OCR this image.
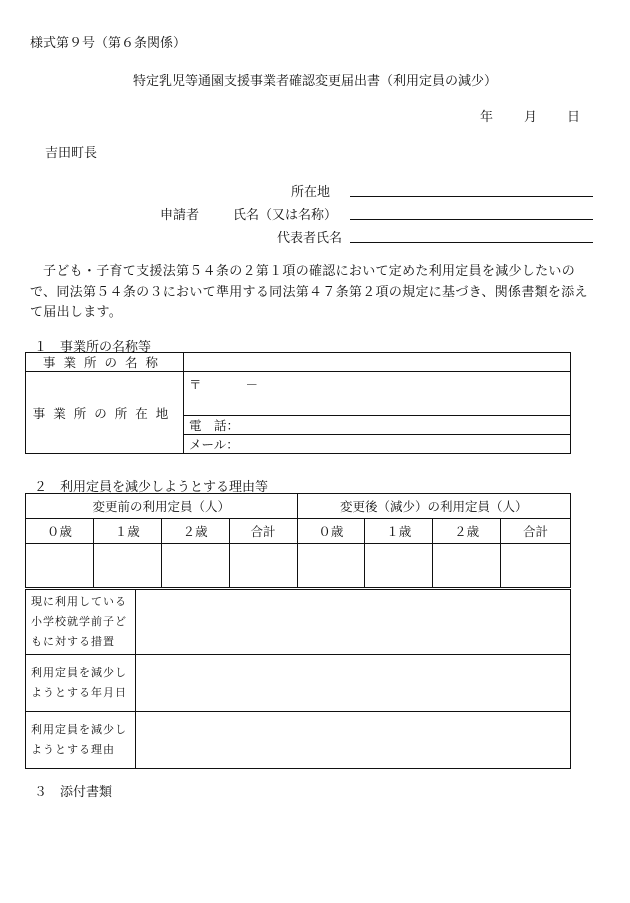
様式第９号（第６条関係）
特定乳児等通園支援事業者確認変更届出書（利用定員の減少）
年 月 日
吉田町長
所在地
申請者	氏名（又は名称）
代表者氏名
子ども・子育て支援法第５４条の２第１項の確認において定めた利用定員を減少したいので、同法第５４条の３において準用する同法第４７条第２項の規定に基づき、関係書類を添えて届出します。
１　事業所の名称等
事業所の名称	
事業所の所在地	〒 －
	電　話：
	メール：
２　利用定員を減少しようとする理由等
変更前の利用定員（人）				変更後（減少）の利用定員（人）			
０歳	１歳	２歳	合計	０歳	１歳	２歳	合計

現に利用している小学校就学前子どもに対する措置	
利用定員を減少しようとする年月日	
利用定員を減少しようとする理由	
３　添付書類
